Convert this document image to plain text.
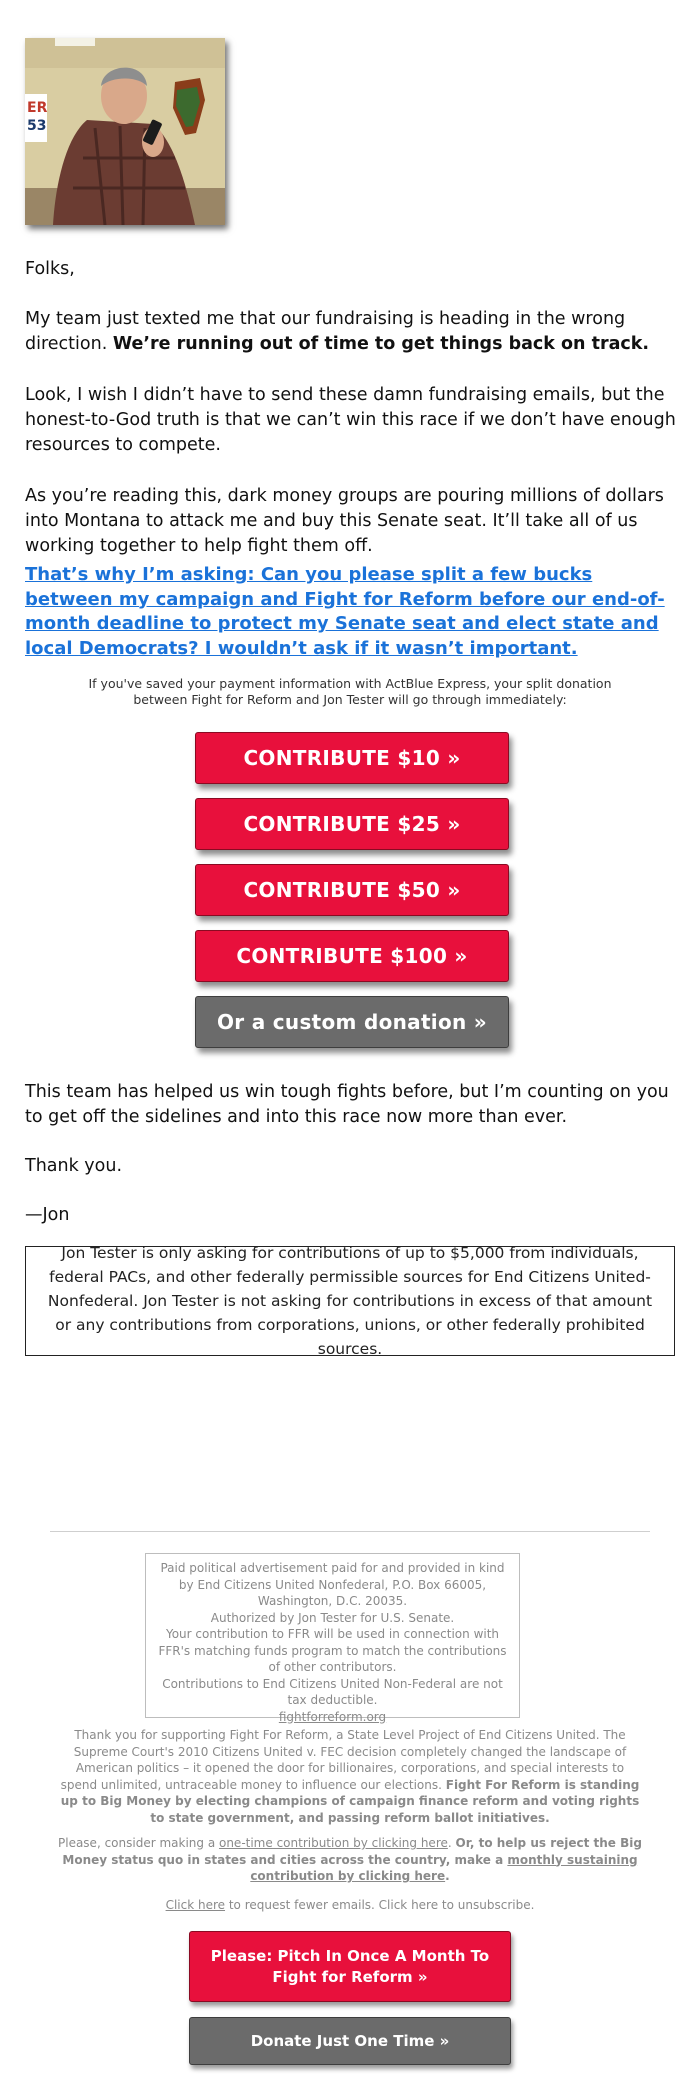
ER
53

Folks,

My team just texted me that our fundraising is heading in the wrong direction. We’re running out of time to get things back on track.

Look, I wish I didn’t have to send these damn fundraising emails, but the honest-to-God truth is that we can’t win this race if we don’t have enough resources to compete.

As you’re reading this, dark money groups are pouring millions of dollars into Montana to attack me and buy this Senate seat. It’ll take all of us working together to help fight them off.

That’s why I’m asking: Can you please split a few bucks between my campaign and Fight for Reform before our end-of-month deadline to protect my Senate seat and elect state and local Democrats? I wouldn’t ask if it wasn’t important.

If you've saved your payment information with ActBlue Express, your split donation between Fight for Reform and Jon Tester will go through immediately:

CONTRIBUTE $10 »
CONTRIBUTE $25 »
CONTRIBUTE $50 »
CONTRIBUTE $100 »
Or a custom donation »

This team has helped us win tough fights before, but I’m counting on you to get off the sidelines and into this race now more than ever.

Thank you.

—Jon

Jon Tester is only asking for contributions of up to $5,000 from individuals, federal PACs, and other federally permissible sources for End Citizens United-Nonfederal. Jon Tester is not asking for contributions in excess of that amount or any contributions from corporations, unions, or other federally prohibited sources.

Paid political advertisement paid for and provided in kind by End Citizens United Nonfederal, P.O. Box 66005, Washington, D.C. 20035.

Authorized by Jon Tester for U.S. Senate.

Your contribution to FFR will be used in connection with FFR's matching funds program to match the contributions of other contributors.

Contributions to End Citizens United Non-Federal are not tax deductible.

fightforreform.org

Thank you for supporting Fight For Reform, a State Level Project of End Citizens United. The Supreme Court's 2010 Citizens United v. FEC decision completely changed the landscape of American politics – it opened the door for billionaires, corporations, and special interests to spend unlimited, untraceable money to influence our elections. Fight For Reform is standing up to Big Money by electing champions of campaign finance reform and voting rights to state government, and passing reform ballot initiatives.

Please, consider making a one-time contribution by clicking here. Or, to help us reject the Big Money status quo in states and cities across the country, make a monthly sustaining contribution by clicking here.

Click here to request fewer emails. Click here to unsubscribe.

Please: Pitch In Once A Month To Fight for Reform »
Donate Just One Time »
